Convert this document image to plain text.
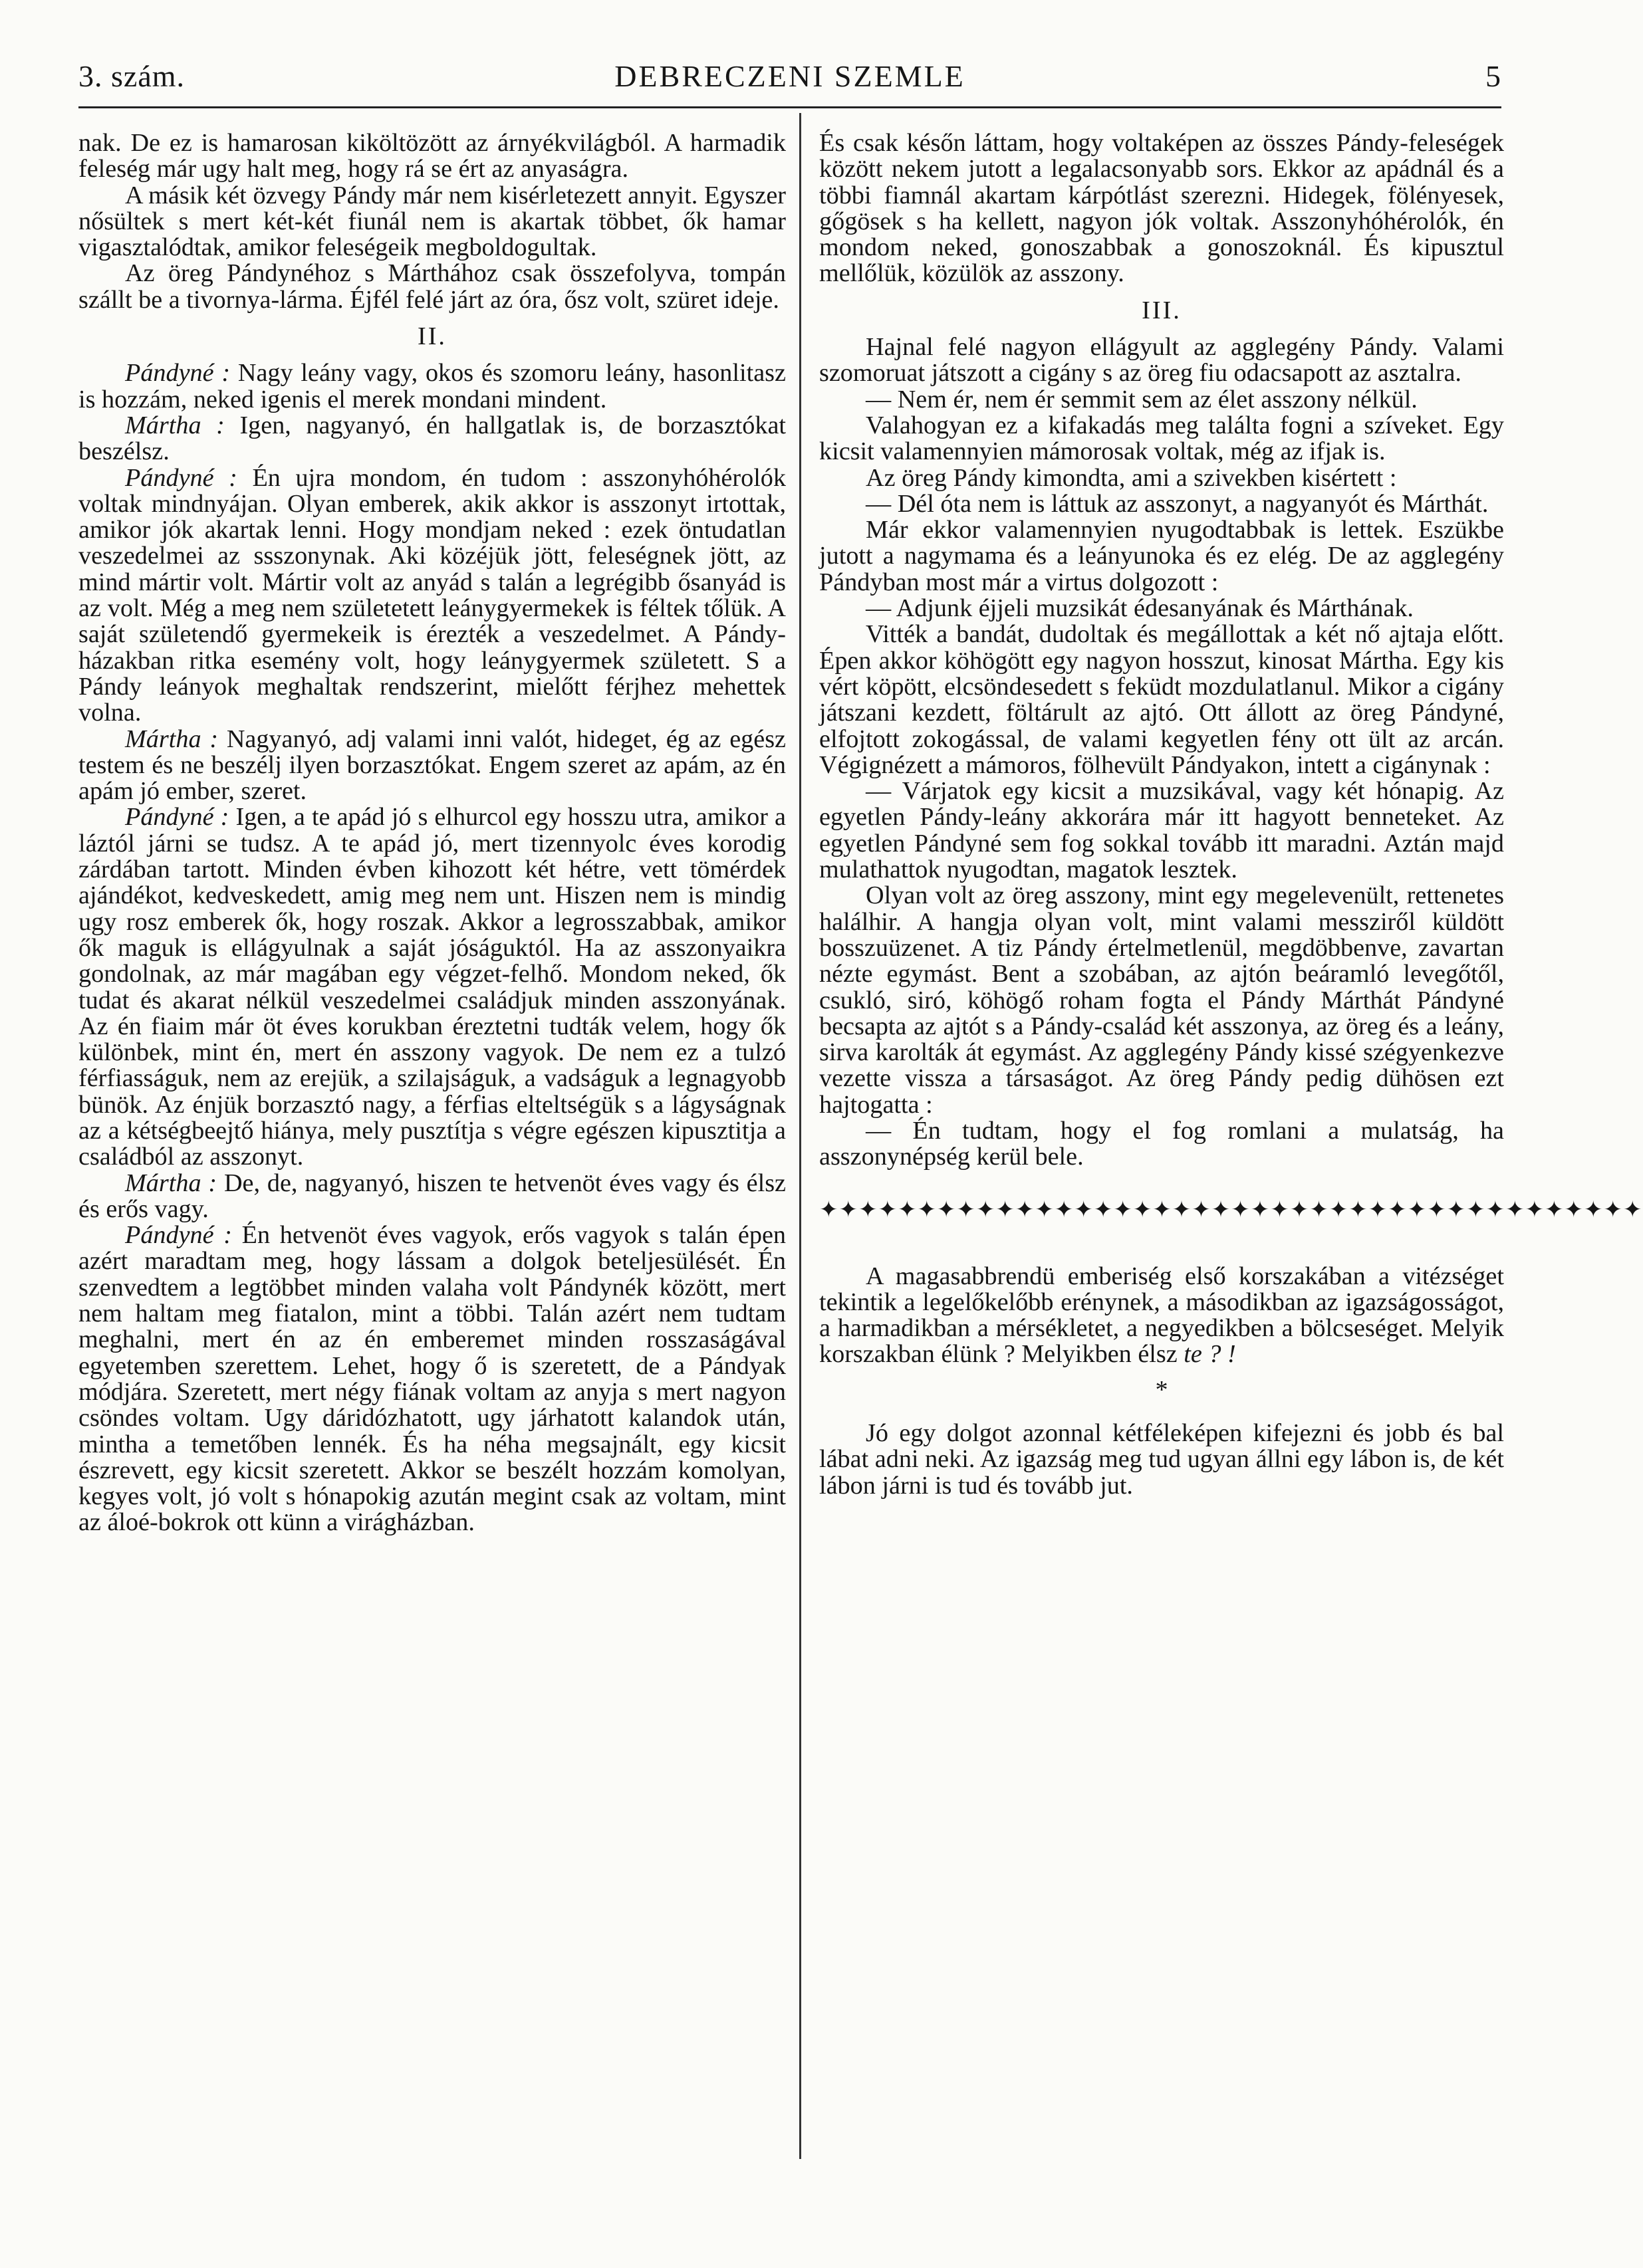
DEBRECZENI SZEMLE
3. szám.	5

nak. De ez is hamarosan kiköltözött az árnyékvilágból. A harmadik feleség már ugy halt meg, hogy rá se ért az anyaságra.

A másik két özvegy Pándy már nem kisérletezett annyit. Egyszer nősültek s mert két-két fiunál nem is akartak többet, ők hamar vigasztalódtak, amikor feleségeik megboldogultak.

Az öreg Pándynéhoz s Márthához csak összefolyva, tompán szállt be a tivornya-lárma. Éjfél felé járt az óra, ősz volt, szüret ideje.

II.

Pándyné : Nagy leány vagy, okos és szomoru leány, hasonlitasz is hozzám, neked igenis el merek mondani mindent.

Mártha : Igen, nagyanyó, én hallgatlak is, de borzasztókat beszélsz.

Pándyné : Én ujra mondom, én tudom : asszonyhóhérolók voltak mindnyájan. Olyan emberek, akik akkor is asszonyt irtottak, amikor jók akartak lenni. Hogy mondjam neked : ezek öntudatlan veszedelmei az ssszonynak. Aki közéjük jött, feleségnek jött, az mind mártir volt. Mártir volt az anyád s talán a legrégibb ősanyád is az volt. Még a meg nem születetett leánygyermekek is féltek tőlük. A saját születendő gyermekeik is érezték a veszedelmet. A Pándy-házakban ritka esemény volt, hogy leánygyermek született. S a Pándy leányok meghaltak rendszerint, mielőtt férjhez mehettek volna.

Mártha : Nagyanyó, adj valami inni valót, hideget, ég az egész testem és ne beszélj ilyen borzasztókat. Engem szeret az apám, az én apám jó ember, szeret.

Pándyné : Igen, a te apád jó s elhurcol egy hosszu utra, amikor a láztól járni se tudsz. A te apád jó, mert tizennyolc éves korodig zárdában tartott. Minden évben kihozott két hétre, vett tömérdek ajándékot, kedveskedett, amig meg nem unt. Hiszen nem is mindig ugy rosz emberek ők, hogy roszak. Akkor a legrosszabbak, amikor ők maguk is ellágyulnak a saját jóságuktól. Ha az asszonyaikra gondolnak, az már magában egy végzet-felhő. Mondom neked, ők tudat és akarat nélkül veszedelmei családjuk minden asszonyának. Az én fiaim már öt éves korukban éreztetni tudták velem, hogy ők különbek, mint én, mert én asszony vagyok. De nem ez a tulzó férfiasságuk, nem az erejük, a szilajságuk, a vadságuk a legnagyobb bünök. Az énjük borzasztó nagy, a férfias elteltségük s a lágyságnak az a kétségbeejtő hiánya, mely pusztítja s végre egészen kipusztitja a családból az asszonyt.

Mártha : De, de, nagyanyó, hiszen te hetvenöt éves vagy és élsz és erős vagy.

Pándyné : Én hetvenöt éves vagyok, erős vagyok s talán épen azért maradtam meg, hogy lássam a dolgok beteljesülését. Én szenvedtem a legtöbbet minden valaha volt Pándynék között, mert nem haltam meg fiatalon, mint a többi. Talán azért nem tudtam meghalni, mert én az én emberemet minden rosszaságával egyetemben szerettem. Lehet, hogy ő is szeretett, de a Pándyak módjára. Szeretett, mert négy fiának voltam az anyja s mert nagyon csöndes voltam. Ugy dáridózhatott, ugy járhatott kalandok után, mintha a temetőben lennék. És ha néha megsajnált, egy kicsit észrevett, egy kicsit szeretett. Akkor se beszélt hozzám komolyan, kegyes volt, jó volt s hónapokig azután megint csak az voltam, mint az áloé-bokrok ott künn a virágházban.

És csak későn láttam, hogy voltaképen az összes Pándy-feleségek között nekem jutott a legalacsonyabb sors. Ekkor az apádnál és a többi fiamnál akartam kárpótlást szerezni. Hidegek, fölényesek, gőgösek s ha kellett, nagyon jók voltak. Asszonyhóhérolók, én mondom neked, gonoszabbak a gonoszoknál. És kipusztul mellőlük, közülök az asszony.

III.

Hajnal felé nagyon ellágyult az agglegény Pándy. Valami szomoruat játszott a cigány s az öreg fiu odacsapott az asztalra.

— Nem ér, nem ér semmit sem az élet asszony nélkül.

Valahogyan ez a kifakadás meg találta fogni a szíveket. Egy kicsit valamennyien mámorosak voltak, még az ifjak is.

Az öreg Pándy kimondta, ami a szivekben kisértett :

— Dél óta nem is láttuk az asszonyt, a nagyanyót és Márthát.

Már ekkor valamennyien nyugodtabbak is lettek. Eszükbe jutott a nagymama és a leányunoka és ez elég. De az agglegény Pándyban most már a virtus dolgozott :

— Adjunk éjjeli muzsikát édesanyának és Márthának.

Vitték a bandát, dudoltak és megállottak a két nő ajtaja előtt. Épen akkor köhögött egy nagyon hosszut, kinosat Mártha. Egy kis vért köpött, elcsöndesedett s feküdt mozdulatlanul. Mikor a cigány játszani kezdett, föltárult az ajtó. Ott állott az öreg Pándyné, elfojtott zokogással, de valami kegyetlen fény ott ült az arcán. Végignézett a mámoros, fölhevült Pándyakon, intett a cigánynak :

— Várjatok egy kicsit a muzsikával, vagy két hónapig. Az egyetlen Pándy-leány akkorára már itt hagyott benneteket. Az egyetlen Pándyné sem fog sokkal tovább itt maradni. Aztán majd mulathattok nyugodtan, magatok lesztek.

Olyan volt az öreg asszony, mint egy megelevenült, rettenetes halálhir. A hangja olyan volt, mint valami messziről küldött bosszuüzenet. A tiz Pándy értelmetlenül, megdöbbenve, zavartan nézte egymást. Bent a szobában, az ajtón beáramló levegőtől, csukló, siró, köhögő roham fogta el Pándy Márthát Pándyné becsapta az ajtót s a Pándy-család két asszonya, az öreg és a leány, sirva karolták át egymást. Az agglegény Pándy kissé szégyenkezve vezette vissza a társaságot. Az öreg Pándy pedig dühösen ezt hajtogatta :

— Én tudtam, hogy el fog romlani a mulatság, ha asszonynépség kerül bele.

✦✦✦✦✦✦✦✦✦✦✦✦✦✦✦✦✦✦✦✦✦✦✦✦✦✦✦✦✦✦✦✦✦✦✦✦✦✦✦✦✦✦

A magasabbrendü emberiség első korszakában a vitézséget tekintik a legelőkelőbb erénynek, a másodikban az igazságosságot, a harmadikban a mérsékletet, a negyedikben a bölcseséget. Melyik korszakban élünk ? Melyikben élsz te ? !

*

Jó egy dolgot azonnal kétféleképen kifejezni és jobb és bal lábat adni neki. Az igazság meg tud ugyan állni egy lábon is, de két lábon járni is tud és tovább jut.
